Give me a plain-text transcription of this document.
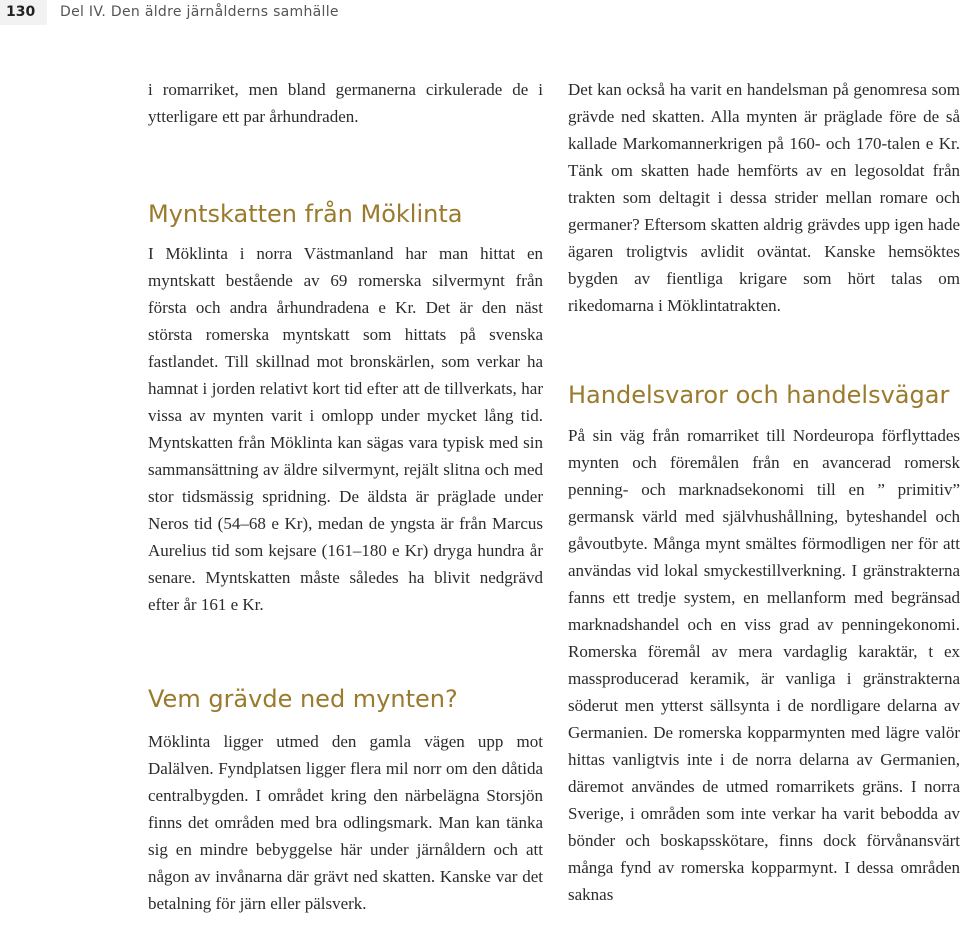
130	Del IV. Den äldre järnålderns samhälle

i romarriket, men bland germanerna cirkulerade de i ytterligare ett par århundraden.

Myntskatten från Möklinta

I Möklinta i norra Västmanland har man hittat en myntskatt bestående av 69 romerska silvermynt från första och andra århundradena e Kr. Det är den näst största romerska myntskatt som hittats på svenska fastlandet. Till skillnad mot bronskärlen, som verkar ha hamnat i jorden relativt kort tid efter att de tillverkats, har vissa av mynten varit i omlopp under mycket lång tid. Myntskatten från Möklinta kan sägas vara typisk med sin sammansättning av äldre silvermynt, rejält slitna och med stor tidsmässig spridning. De äldsta är präglade under Neros tid (54–68 e Kr), medan de yngsta är från Marcus Aurelius tid som kejsare (161–180 e Kr) dryga hundra år senare. Myntskatten måste således ha blivit nedgrävd efter år 161 e Kr.

Vem grävde ned mynten?

Möklinta ligger utmed den gamla vägen upp mot Dalälven. Fyndplatsen ligger flera mil norr om den dåtida centralbygden. I området kring den närbelägna Storsjön finns det områden med bra odlingsmark. Man kan tänka sig en mindre bebyggelse här under järnåldern och att någon av invånarna där grävt ned skatten. Kanske var det betalning för järn eller pälsverk.

Det kan också ha varit en handelsman på genomresa som grävde ned skatten. Alla mynten är präglade före de så kallade Markomannerkrigen på 160- och 170-talen e Kr. Tänk om skatten hade hemförts av en legosoldat från trakten som deltagit i dessa strider mellan romare och germaner? Eftersom skatten aldrig grävdes upp igen hade ägaren troligtvis avlidit oväntat. Kanske hemsöktes bygden av fientliga krigare som hört talas om rikedomarna i Möklintatrakten.

Handelsvaror och handelsvägar

På sin väg från romarriket till Nordeuropa förflyttades mynten och föremålen från en avancerad romersk penning- och marknadsekonomi till en ” primitiv” germansk värld med självhushållning, byteshandel och gåvoutbyte. Många mynt smältes förmodligen ner för att användas vid lokal smyckestillverkning. I gränstrakterna fanns ett tredje system, en mellanform med begränsad marknadshandel och en viss grad av penningekonomi. Romerska föremål av mera vardaglig karaktär, t ex massproducerad keramik, är vanliga i gränstrakterna söderut men ytterst sällsynta i de nordligare delarna av Germanien. De romerska kopparmynten med lägre valör hittas vanligtvis inte i de norra delarna av Germanien, däremot användes de utmed romarrikets gräns. I norra Sverige, i områden som inte verkar ha varit bebodda av bönder och boskapsskötare, finns dock förvånansvärt många fynd av romerska kopparmynt. I dessa områden saknas
